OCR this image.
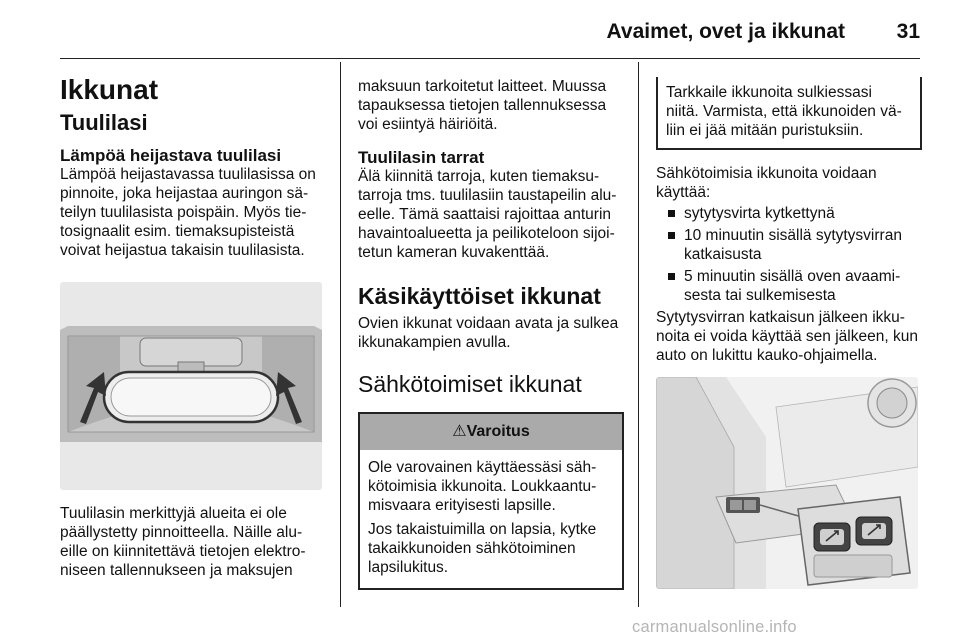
Avaimet, ovet ja ikkunat 31
Ikkunat
Tuulilasi
Lämpöä heijastava tuulilasi

Lämpöä heijastavassa tuulilasissa on
pinnoite, joka heijastaa auringon sä-
teilyn tuulilasista poispäin. Myös tie-
tosignaalit esim. tiemaksupisteistä
voivat heijastua takaisin tuulilasista.

Tuulilasin merkittyjä alueita ei ole
päällystetty pinnoitteella. Näille alu-
eille on kiinnitettävä tietojen elektro-
niseen tallennukseen ja maksujen

maksuun tarkoitetut laitteet. Muussa
tapauksessa tietojen tallennuksessa
voi esiintyä häiriöitä.

Tuulilasin tarrat

Älä kiinnitä tarroja, kuten tiemaksu-
tarroja tms. tuulilasiin taustapeilin alu-
eelle. Tämä saattaisi rajoittaa anturin
havaintoalueetta ja peilikoteloon sijoi-
tetun kameran kuvakenttää.

Käsikäyttöiset ikkunat

Ovien ikkunat voidaan avata ja sulkea
ikkunakampien avulla.

Sähkötoimiset ikkunat
⚠Varoitus

Ole varovainen käyttäessäsi säh-
kötoimisia ikkunoita. Loukkaantu-
misvaara erityisesti lapsille.

Jos takaistuimilla on lapsia, kytke
takaikkunoiden sähkötoiminen
lapsilukitus.

Tarkkaile ikkunoita sulkiessasi
niitä. Varmista, että ikkunoiden vä-
liin ei jää mitään puristuksiin.

Sähkötoimisia ikkunoita voidaan
käyttää:

sytytysvirta kytkettynä
10 minuutin sisällä sytytysvirran
katkaisusta
5 minuutin sisällä oven avaami-
sesta tai sulkemisesta

Sytytysvirran katkaisun jälkeen ikku-
noita ei voida käyttää sen jälkeen, kun
auto on lukittu kauko-ohjaimella.

carmanualsonline.info
